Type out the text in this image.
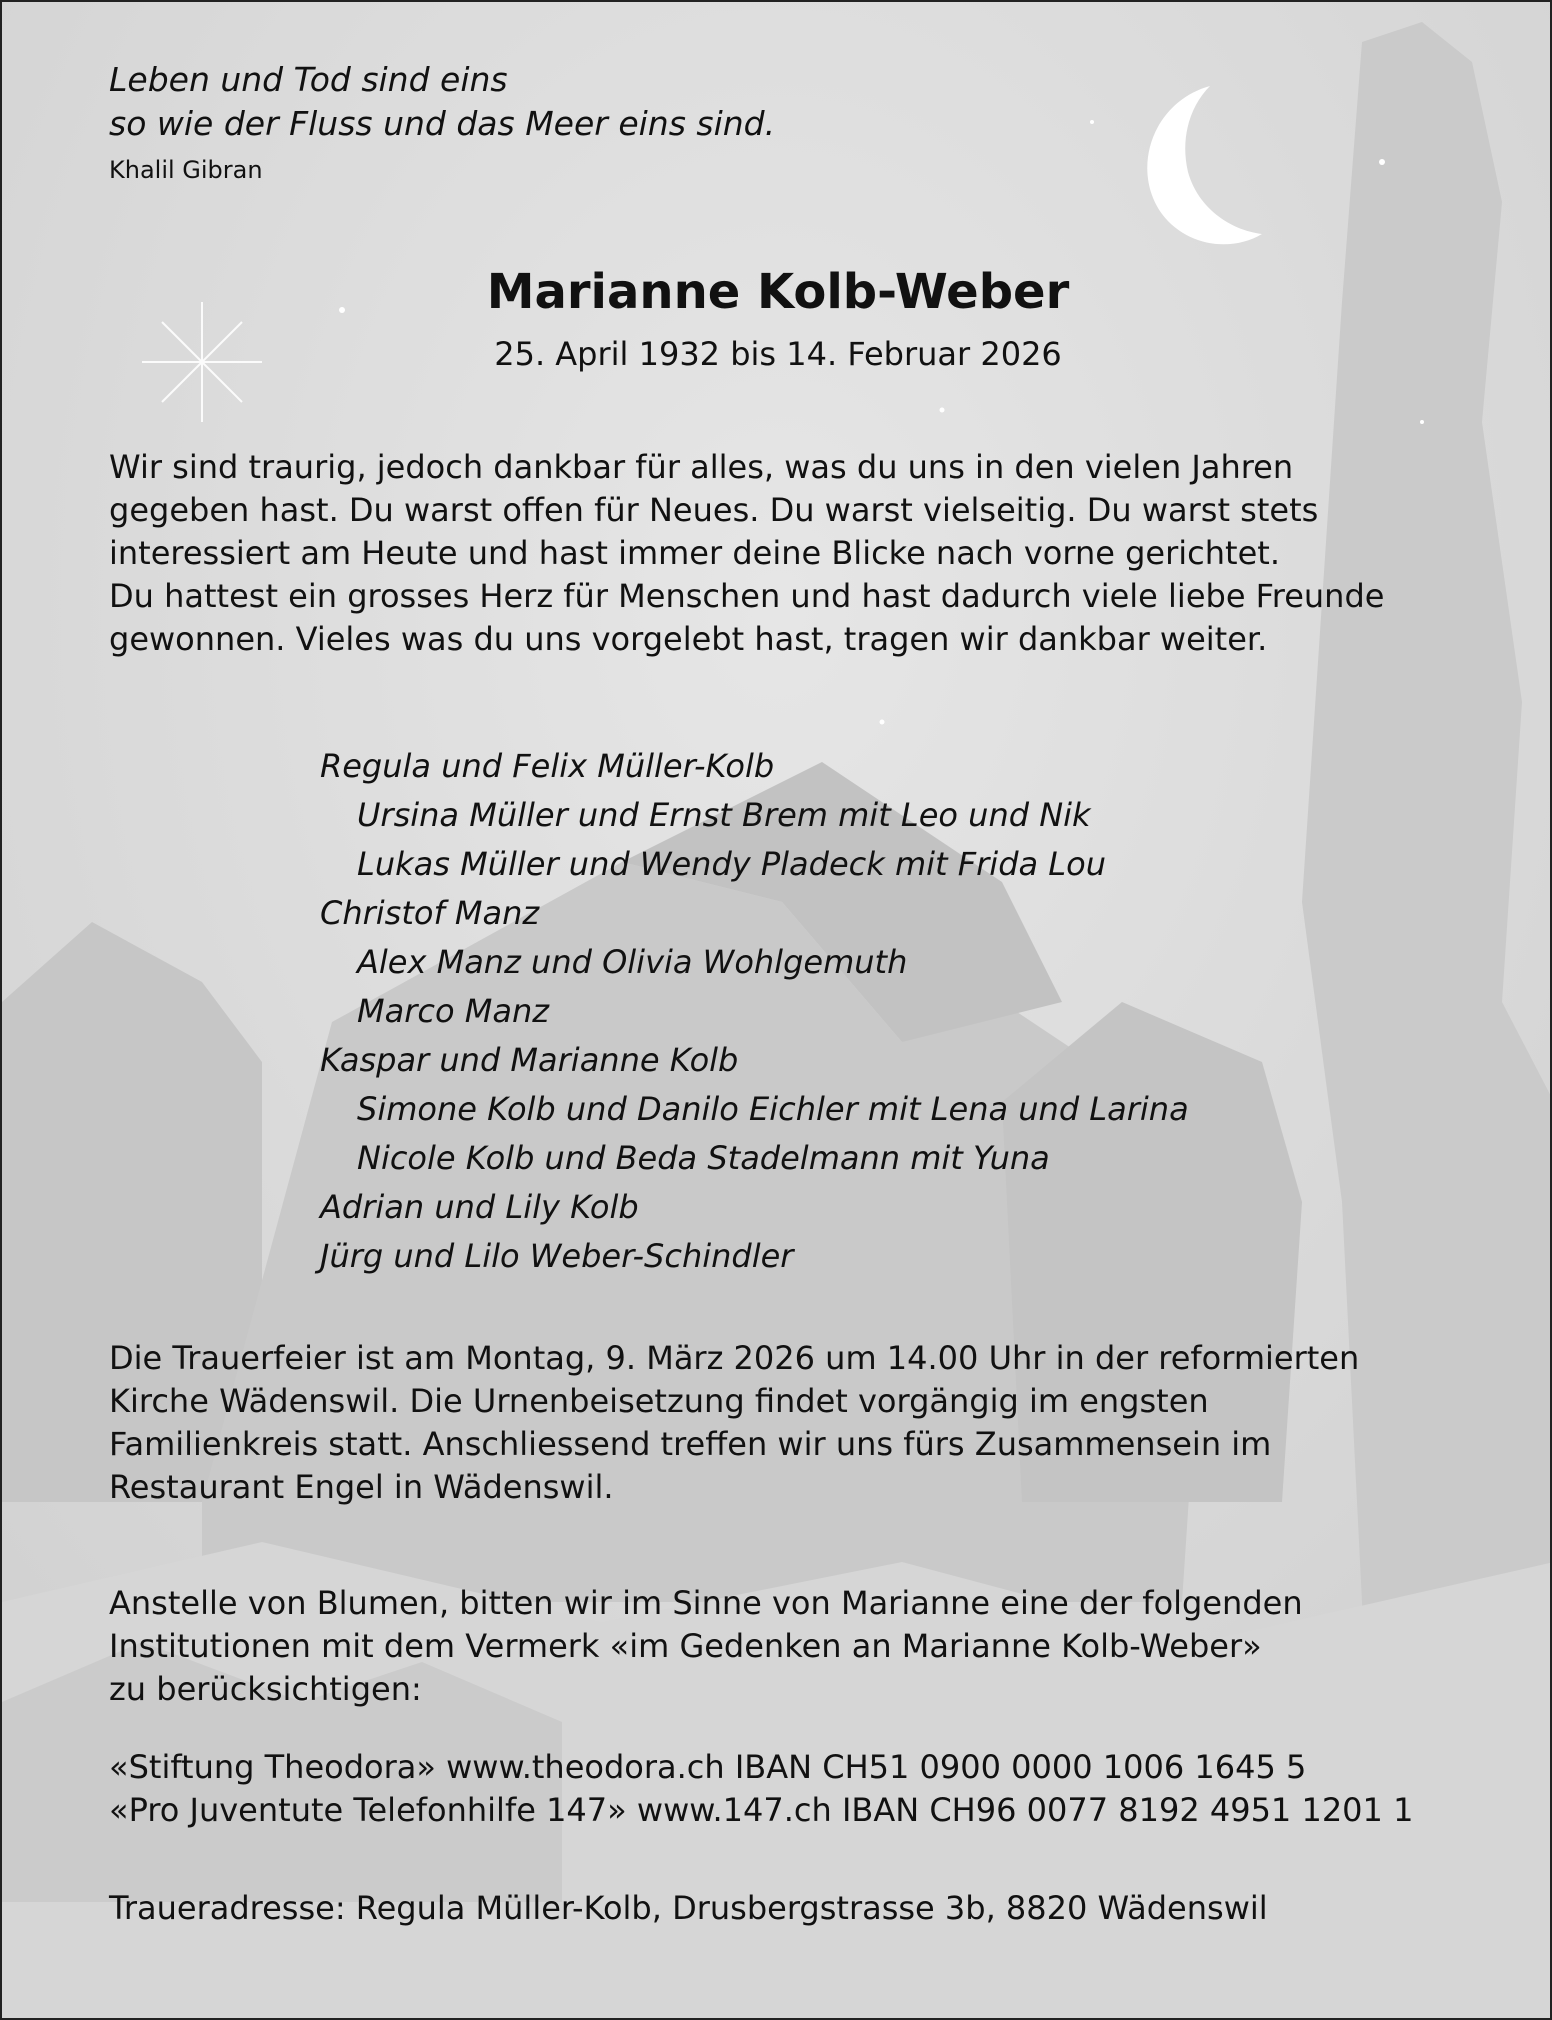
Leben und Tod sind eins
so wie der Fluss und das Meer eins sind.
Khalil Gibran
Marianne Kolb-Weber
25. April 1932 bis 14. Februar 2026
Wir sind traurig, jedoch dankbar für alles, was du uns in den vielen Jahren
gegeben hast. Du warst offen für Neues. Du warst vielseitig. Du warst stets
interessiert am Heute und hast immer deine Blicke nach vorne gerichtet.
Du hattest ein grosses Herz für Menschen und hast dadurch viele liebe Freunde
gewonnen. Vieles was du uns vorgelebt hast, tragen wir dankbar weiter.
Regula und Felix Müller-Kolb
Ursina Müller und Ernst Brem mit Leo und Nik
Lukas Müller und Wendy Pladeck mit Frida Lou
Christof Manz
Alex Manz und Olivia Wohlgemuth
Marco Manz
Kaspar und Marianne Kolb
Simone Kolb und Danilo Eichler mit Lena und Larina
Nicole Kolb und Beda Stadelmann mit Yuna
Adrian und Lily Kolb
Jürg und Lilo Weber-Schindler
Die Trauerfeier ist am Montag, 9. März 2026 um 14.00 Uhr in der reformierten
Kirche Wädenswil. Die Urnenbeisetzung findet vorgängig im engsten
Familienkreis statt. Anschliessend treffen wir uns fürs Zusammensein im
Restaurant Engel in Wädenswil.
Anstelle von Blumen, bitten wir im Sinne von Marianne eine der folgenden
Institutionen mit dem Vermerk «im Gedenken an Marianne Kolb-Weber»
zu berücksichtigen:
«Stiftung Theodora» www.theodora.ch IBAN CH51 0900 0000 1006 1645 5
«Pro Juventute Telefonhilfe 147» www.147.ch IBAN CH96 0077 8192 4951 1201 1
Traueradresse: Regula Müller-Kolb, Drusbergstrasse 3b, 8820 Wädenswil
